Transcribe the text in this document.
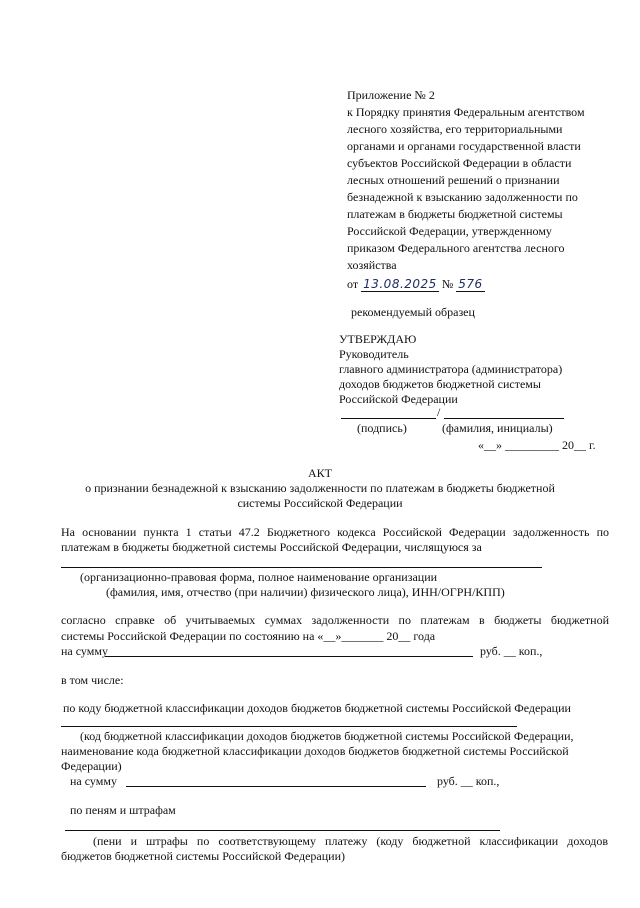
Приложение № 2
к Порядку принятия Федеральным агентством
лесного хозяйства, его территориальными
органами и органами государственной власти
субъектов Российской Федерации в области
лесных отношений решений о признании
безнадежной к взысканию задолженности по
платежам в бюджеты бюджетной системы
Российской Федерации, утвержденному
приказом Федерального агентства лесного
хозяйства
от 13.08.2025 № 576
рекомендуемый образец
УТВЕРЖДАЮ
Руководитель
главного администратора (администратора)
доходов бюджетов бюджетной системы
Российской Федерации
/
(подпись)	(фамилия, инициалы)
«__» _________ 20__ г.
АКТ
о признании безнадежной к взысканию задолженности по платежам в бюджеты бюджетной
системы Российской Федерации
На основании пункта 1 статьи 47.2 Бюджетного кодекса Российской Федерации задолженность по
платежам в бюджеты бюджетной системы Российской Федерации, числящуюся за
(организационно-правовая форма, полное наименование организации
(фамилия, имя, отчество (при наличии) физического лица), ИНН/ОГРН/КПП)
согласно справке об учитываемых суммах задолженности по платежам в бюджеты бюджетной
системы Российской Федерации по состоянию на «__»_______ 20__ года
на сумму	руб. __ коп.,
в том числе:
по коду бюджетной классификации доходов бюджетов бюджетной системы Российской Федерации
(код бюджетной классификации доходов бюджетов бюджетной системы Российской Федерации,
наименование кода бюджетной классификации доходов бюджетов бюджетной системы Российской
Федерации)
на сумму	руб. __ коп.,
по пеням и штрафам
(пени и штрафы по соответствующему платежу (коду бюджетной классификации доходов
бюджетов бюджетной системы Российской Федерации)
